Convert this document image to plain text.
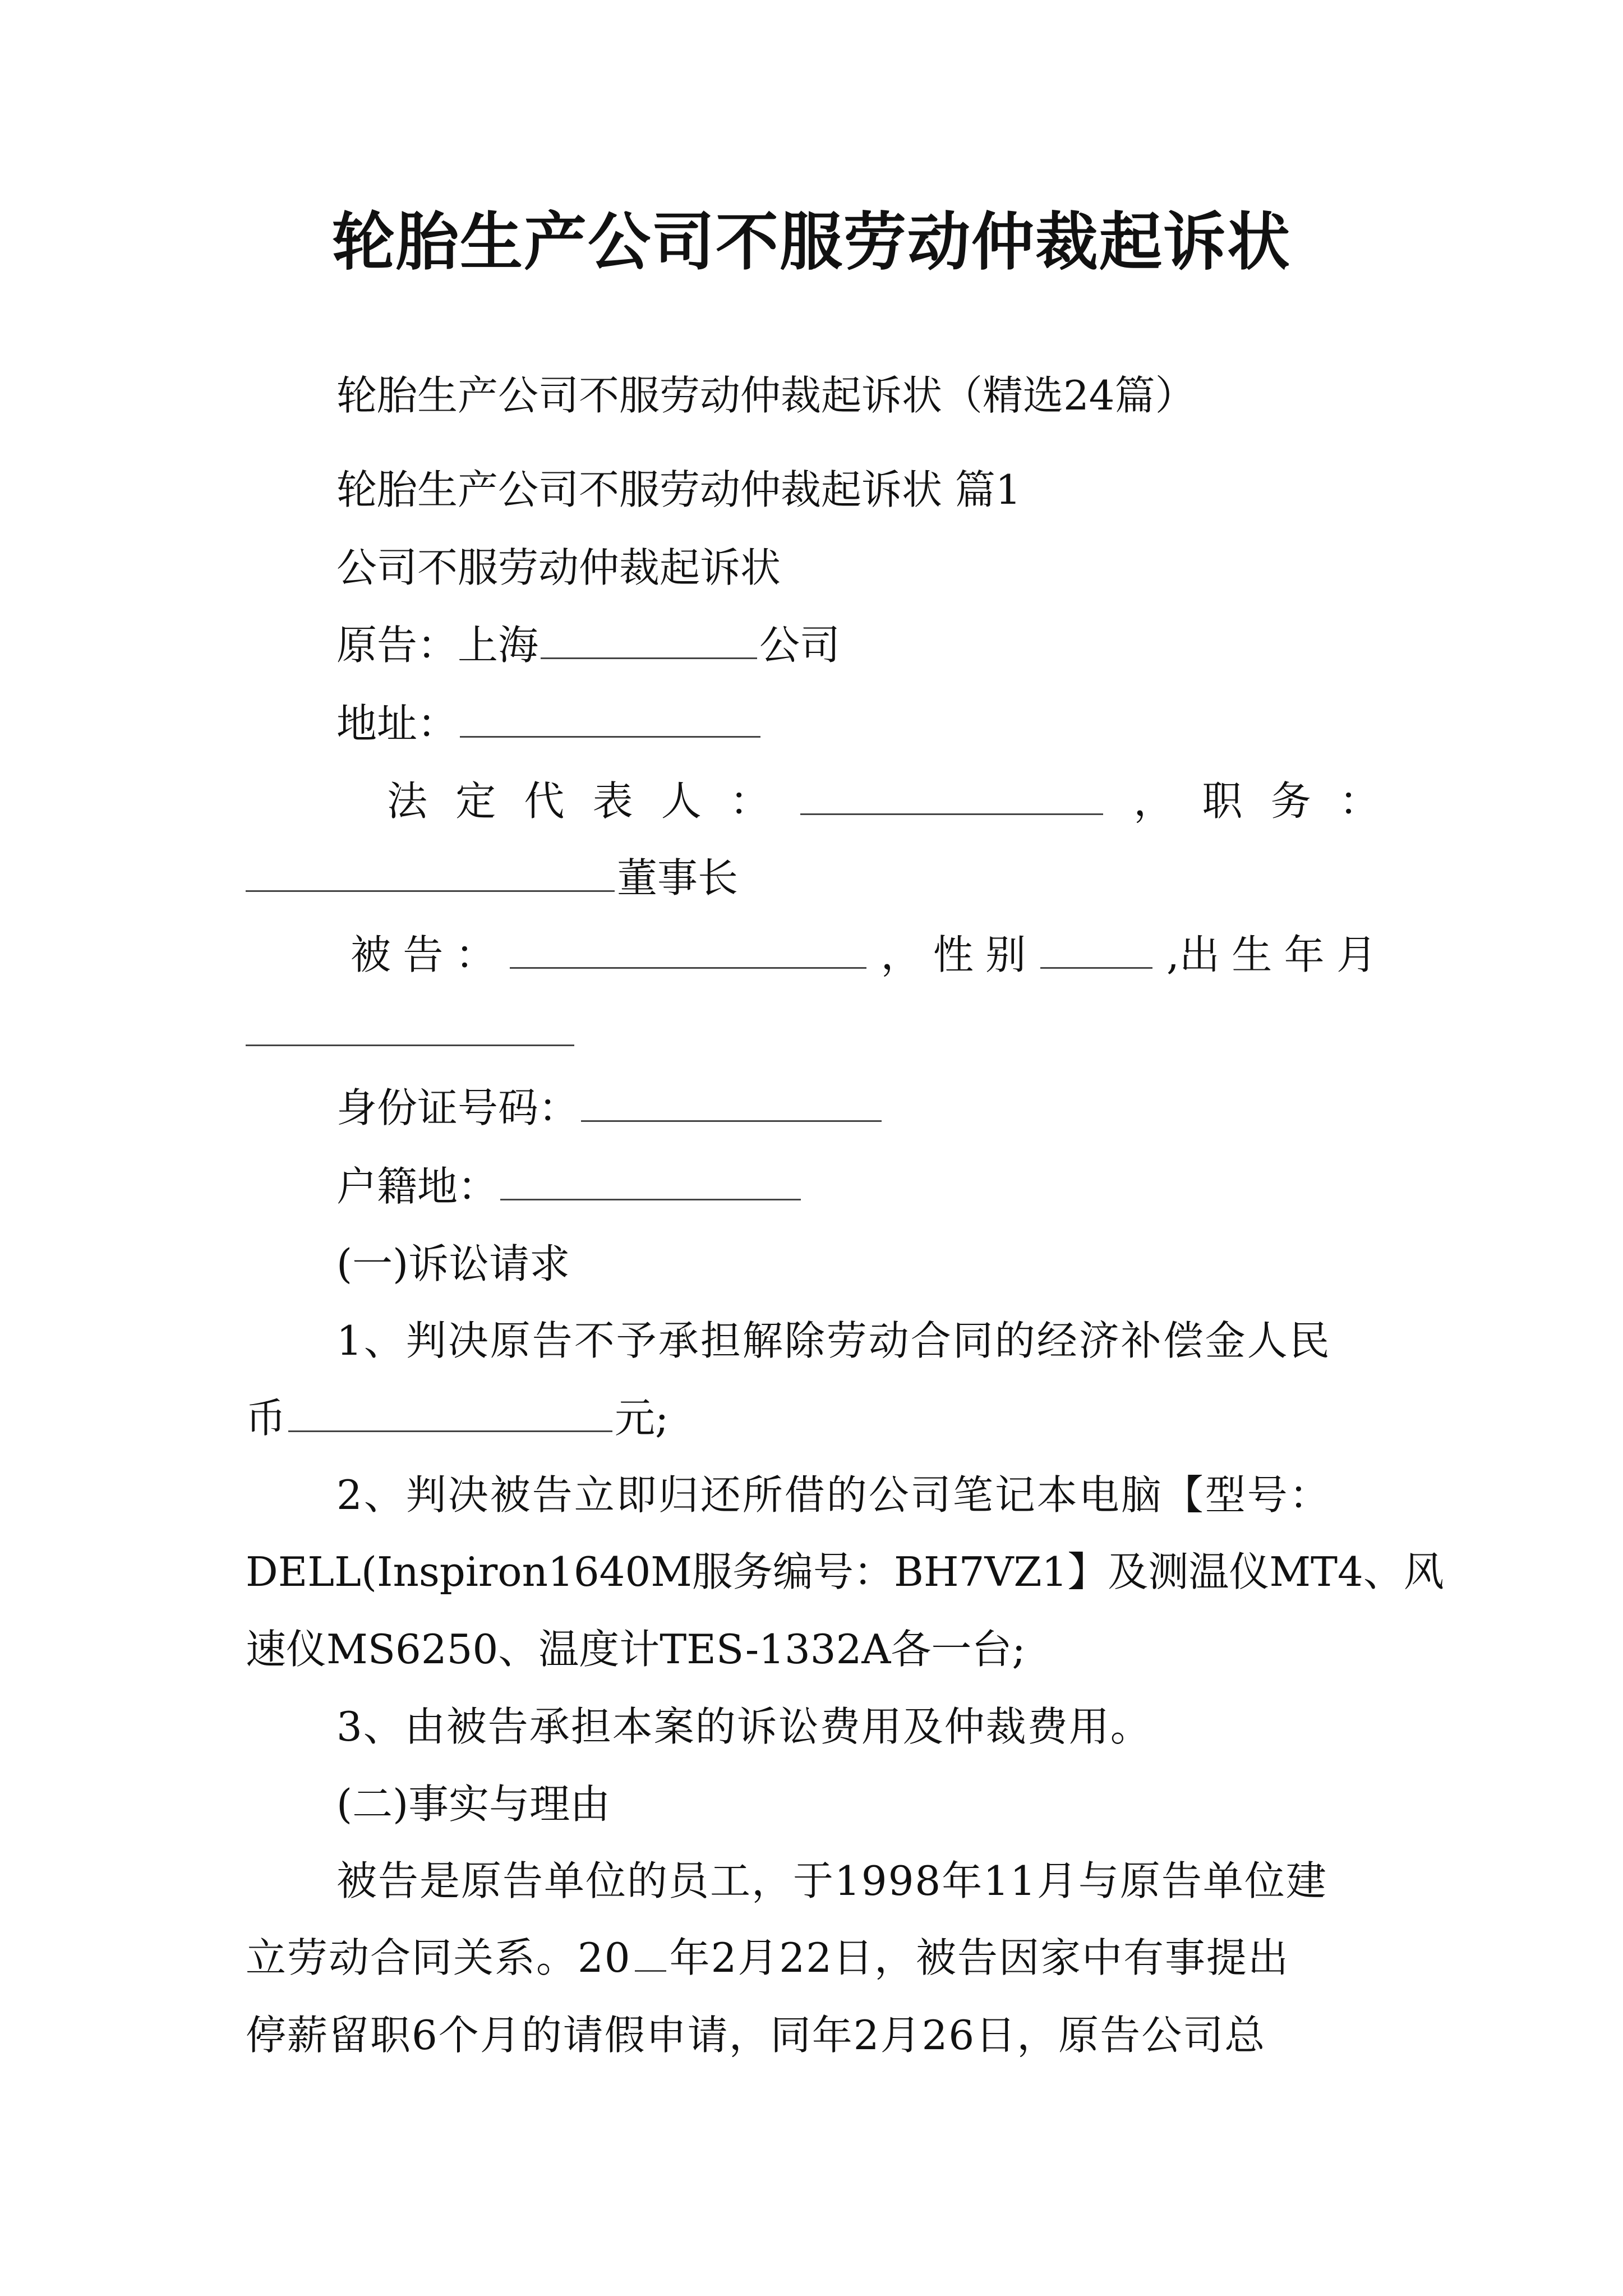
轮胎生产公司不服劳动仲裁起诉状
轮胎生产公司不服劳动仲裁起诉状（精选24篇）
轮胎生产公司不服劳动仲裁起诉状 篇1
公司不服劳动仲裁起诉状
原告：上海	公司
地址：
法 定 代 表 人 ：	， 职 务 ：
董事长
被 告 ：	， 性 别	,出 生 年 月
身份证号码：
户籍地：
(一)诉讼请求
1、判决原告不予承担解除劳动合同的经济补偿金人民
币	元;
2、判决被告立即归还所借的公司笔记本电脑【型号：
DELL(Inspiron1640M服务编号：BH7VZ1】及测温仪MT4、风
速仪MS6250、温度计TES-1332A各一台;
3、由被告承担本案的诉讼费用及仲裁费用。
(二)事实与理由
被告是原告单位的员工，于1998年11月与原告单位建
立劳动合同关系。20 年2月22日，被告因家中有事提出
停薪留职6个月的请假申请，同年2月26日，原告公司总
